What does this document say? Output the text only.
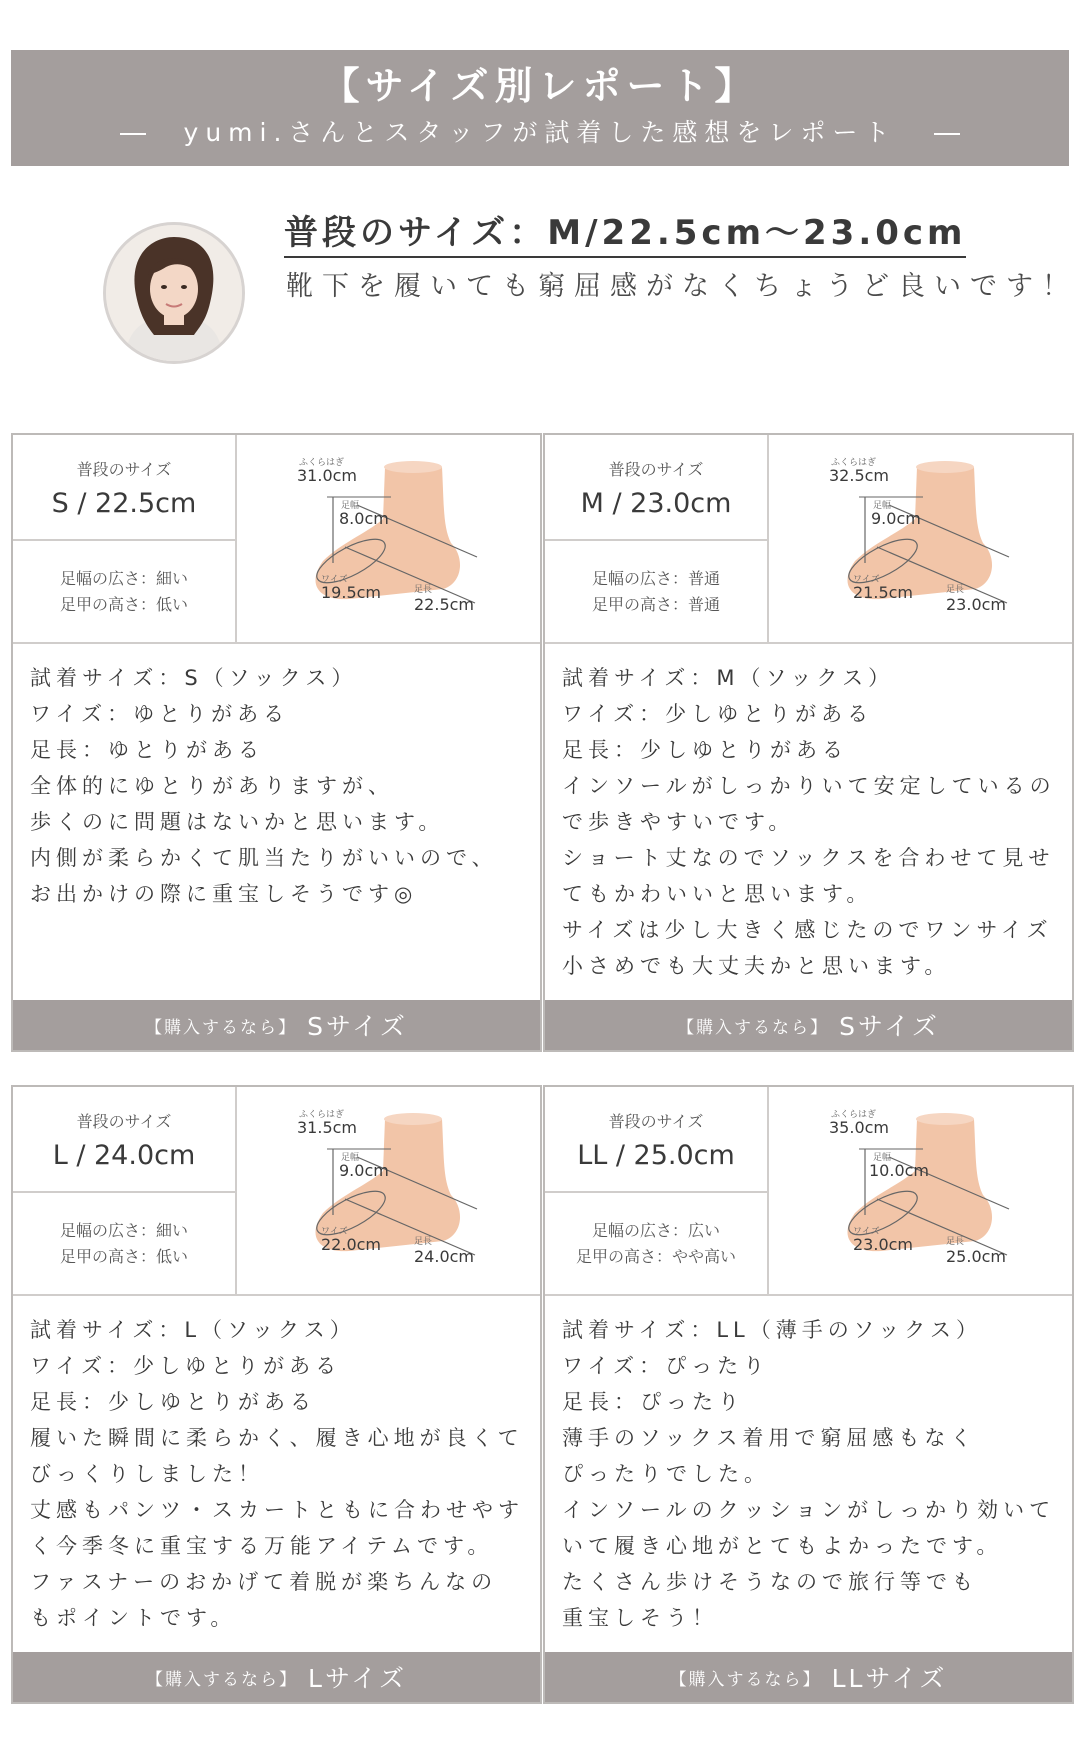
【サイズ別レポート】
yumi.さんとスタッフが試着した感想をレポート
普段のサイズ：M/22.5cm〜23.0cm
靴下を履いても窮屈感がなくちょうど良いです！
普段のサイズ
S / 22.5cm
足幅の広さ：細い
足甲の高さ：低い
ふくらはぎ
31.0cm
足幅
8.0cm
ワイズ
19.5cm	足長
22.5cm
試着サイズ：S（ソックス）
ワイズ：ゆとりがある
足長：ゆとりがある
全体的にゆとりがありますが、
歩くのに問題はないかと思います。
内側が柔らかくて肌当たりがいいので、
お出かけの際に重宝しそうです◎
【購入するなら】 Sサイズ
普段のサイズ
M / 23.0cm
足幅の広さ：普通
足甲の高さ：普通
ふくらはぎ
32.5cm
足幅
9.0cm
ワイズ
21.5cm	足長
23.0cm
試着サイズ：M（ソックス）
ワイズ：少しゆとりがある
足長：少しゆとりがある
インソールがしっかりいて安定しているの
で歩きやすいです。
ショート丈なのでソックスを合わせて見せ
てもかわいいと思います。
サイズは少し大きく感じたのでワンサイズ
小さめでも大丈夫かと思います。
【購入するなら】 Sサイズ
普段のサイズ
L / 24.0cm
足幅の広さ：細い
足甲の高さ：低い
ふくらはぎ
31.5cm
足幅
9.0cm
ワイズ
22.0cm	足長
24.0cm
試着サイズ：L（ソックス）
ワイズ：少しゆとりがある
足長：少しゆとりがある
履いた瞬間に柔らかく、履き心地が良くて
びっくりしました！
丈感もパンツ・スカートともに合わせやす
く今季冬に重宝する万能アイテムです。
ファスナーのおかげて着脱が楽ちんなの
もポイントです。
【購入するなら】 Lサイズ
普段のサイズ
LL / 25.0cm
足幅の広さ：広い
足甲の高さ：やや高い
ふくらはぎ
35.0cm
足幅
10.0cm
ワイズ
23.0cm	足長
25.0cm
試着サイズ：LL（薄手のソックス）
ワイズ：ぴったり
足長：ぴったり
薄手のソックス着用で窮屈感もなく
ぴったりでした。
インソールのクッションがしっかり効いて
いて履き心地がとてもよかったです。
たくさん歩けそうなので旅行等でも
重宝しそう！
【購入するなら】 LLサイズ
